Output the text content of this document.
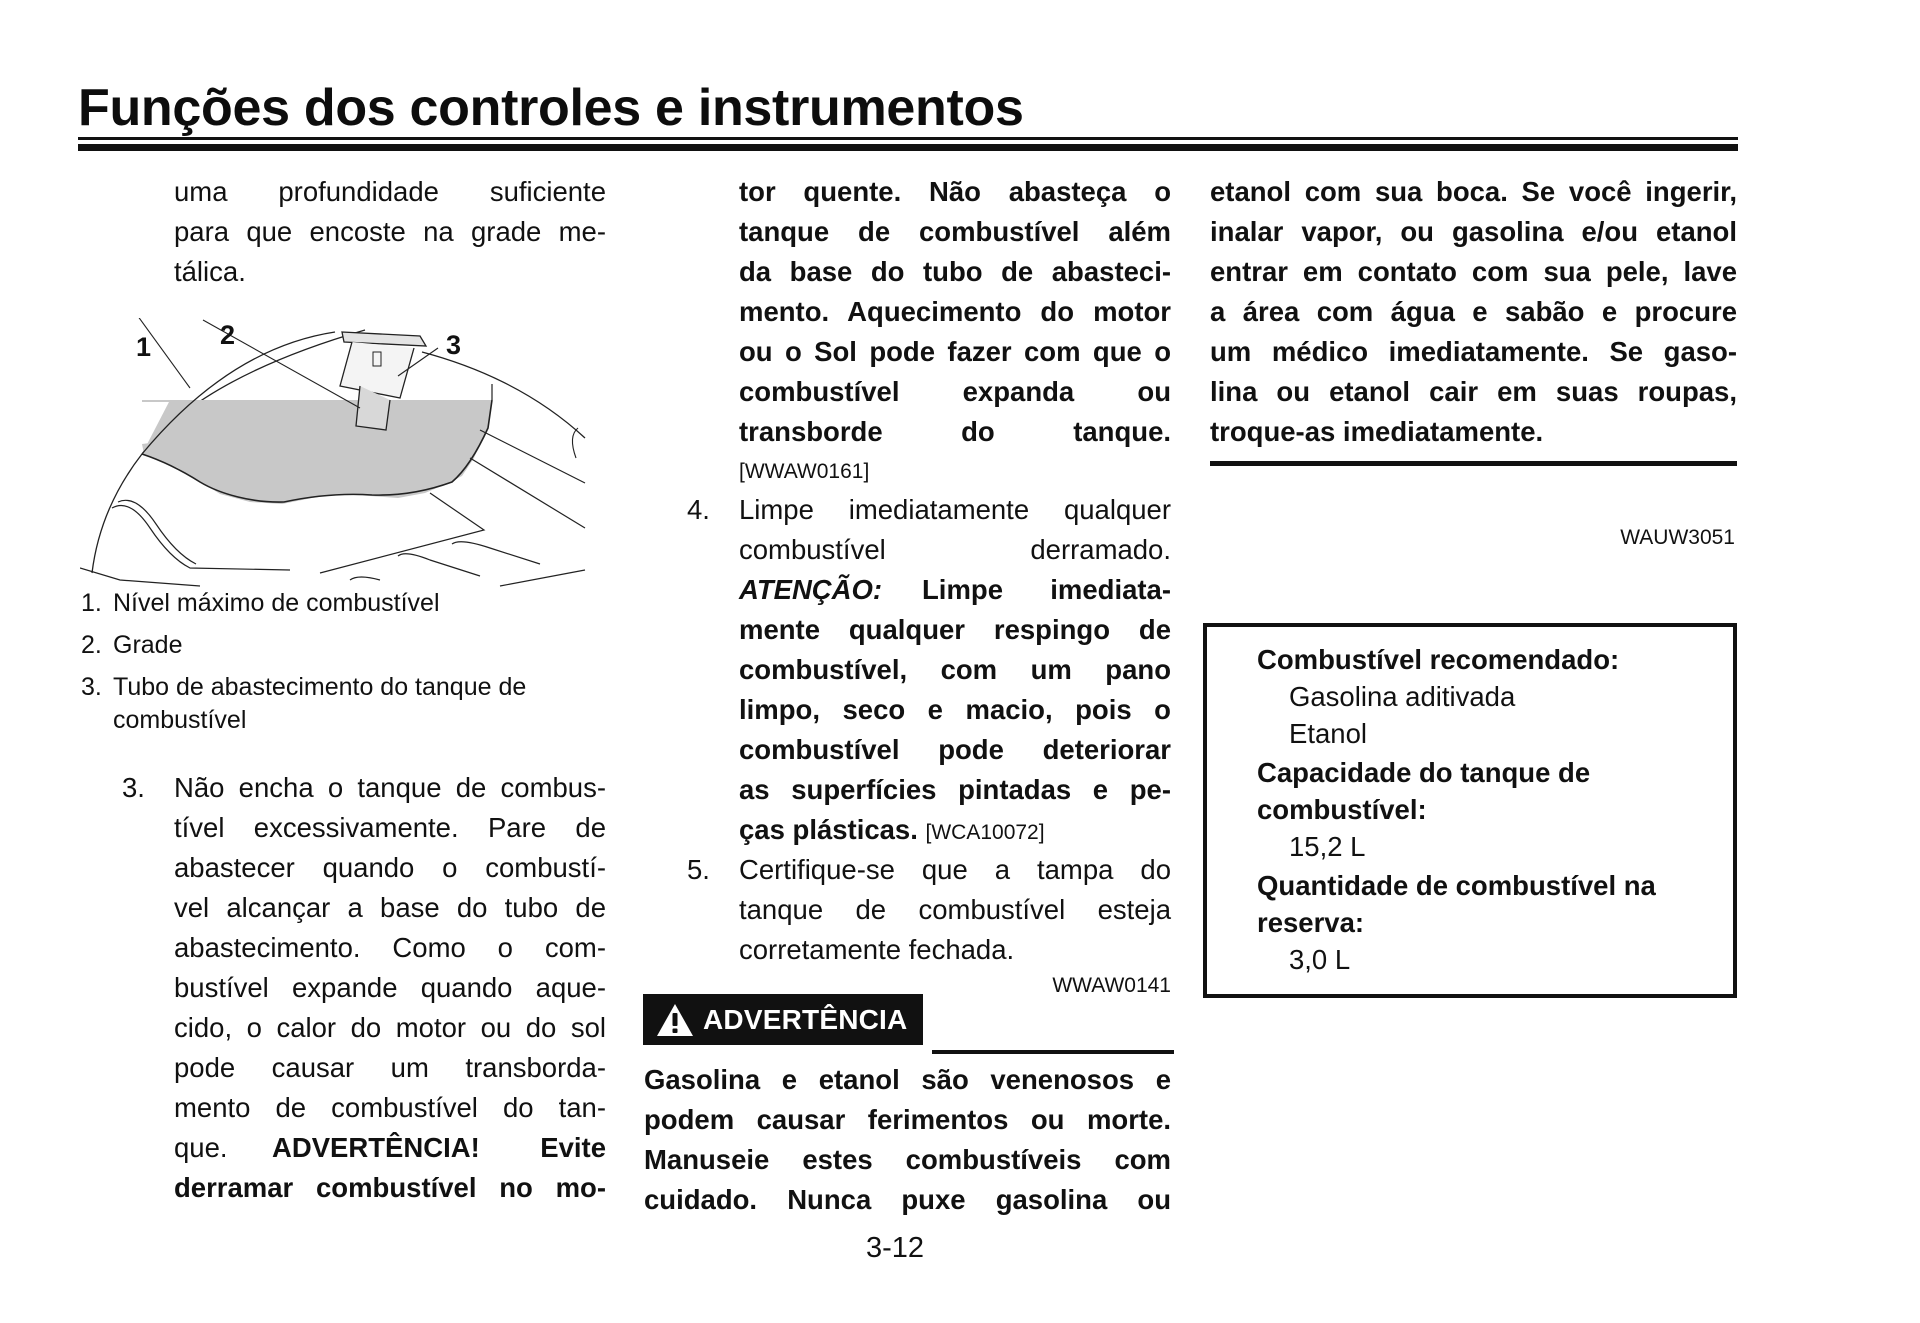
Funções dos controles e instrumentos
uma profundidade suficiente
para que encoste na grade me-
tálica.
1	2	3
1. Nível máximo de combustível
2. Grade
3. Tubo de abastecimento do tanque de
combustível
3. Não encha o tanque de combus-
tível excessivamente. Pare de
abastecer quando o combustí-
vel alcançar a base do tubo de
abastecimento. Como o com-
bustível expande quando aque-
cido, o calor do motor ou do sol
pode causar um transborda-
mento de combustível do tan-
que.	ADVERTÊNCIA! Evite
derramar combustível no mo-
tor quente. Não abasteça o
tanque de combustível além
da base do tubo de abasteci-
mento. Aquecimento do motor
ou o Sol pode fazer com que o
combustível expanda ou
transborde do tanque.
[WWAW0161]
4. Limpe imediatamente qualquer
combustível derramado.
ATENÇÃO: Limpe imediata-
mente qualquer respingo de
combustível, com um pano
limpo, seco e macio, pois o
combustível pode deteriorar
as superfícies pintadas e pe-
ças plásticas. [WCA10072]
5. Certifique-se que a tampa do
tanque de combustível esteja
corretamente fechada.
WWAW0141
ADVERTÊNCIA
Gasolina e etanol são venenosos e
podem causar ferimentos ou morte.
Manuseie estes combustíveis com
cuidado. Nunca puxe gasolina ou
etanol com sua boca. Se você ingerir,
inalar vapor, ou gasolina e/ou etanol
entrar em contato com sua pele, lave
a área com água e sabão e procure
um médico imediatamente. Se gaso-
lina ou etanol cair em suas roupas,
troque-as imediatamente.
WAUW3051
Combustível recomendado:
Gasolina aditivada
Etanol
Capacidade do tanque de
combustível:
15,2 L
Quantidade de combustível na
reserva:
3,0 L
3-12
